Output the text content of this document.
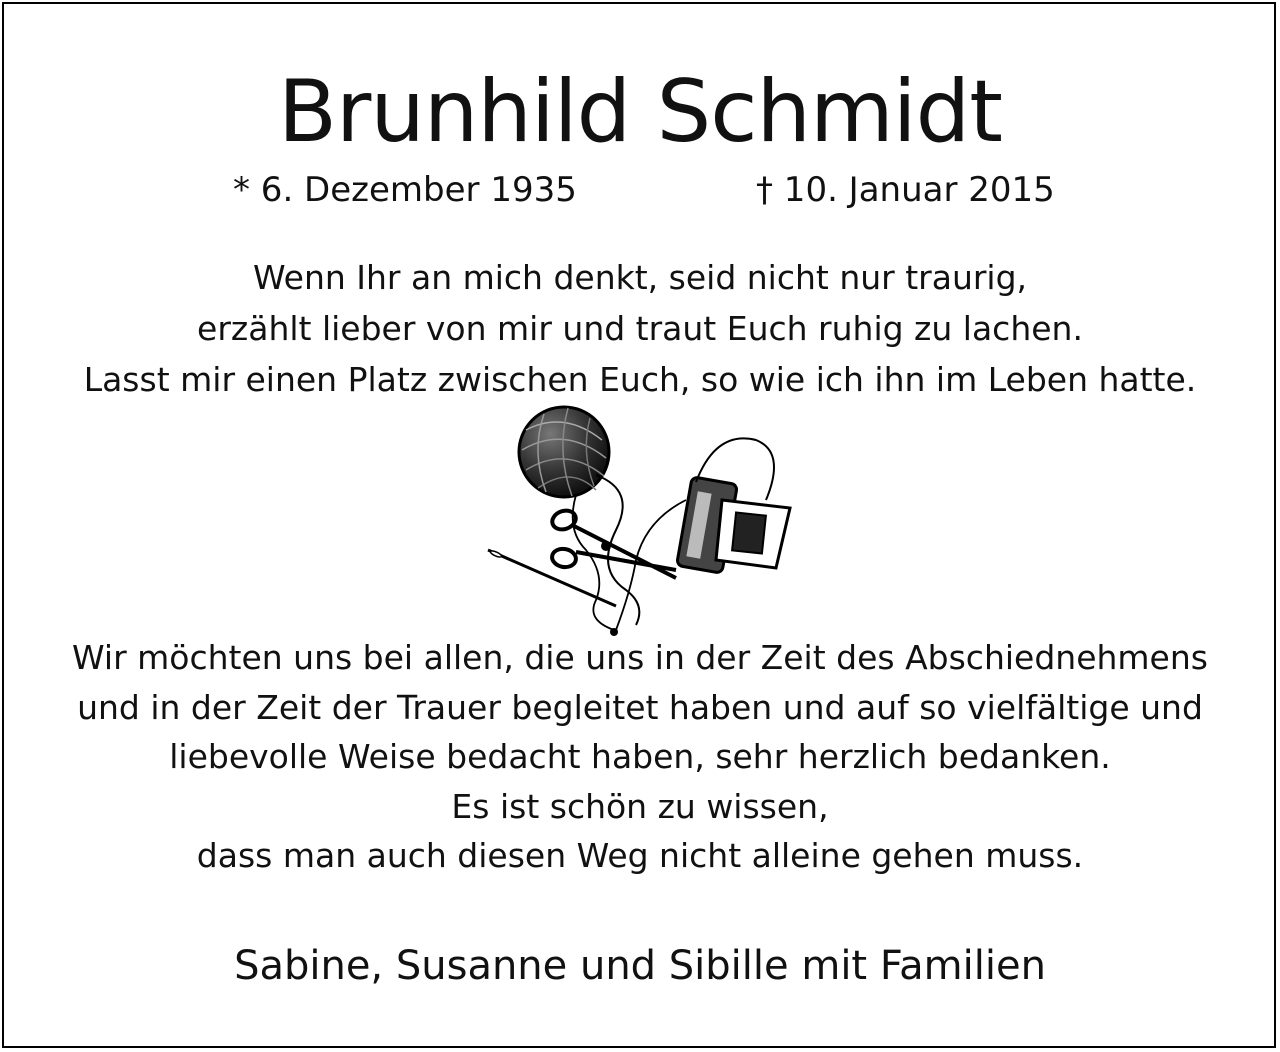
Brunhild Schmidt
* 6. Dezember 1935	† 10. Januar 2015
Wenn Ihr an mich denkt, seid nicht nur traurig,
erzählt lieber von mir und traut Euch ruhig zu lachen.
Lasst mir einen Platz zwischen Euch, so wie ich ihn im Leben hatte.
Wir möchten uns bei allen, die uns in der Zeit des Abschiednehmens
und in der Zeit der Trauer begleitet haben und auf so vielfältige und
liebevolle Weise bedacht haben, sehr herzlich bedanken.
Es ist schön zu wissen,
dass man auch diesen Weg nicht alleine gehen muss.
Sabine, Susanne und Sibille mit Familien
